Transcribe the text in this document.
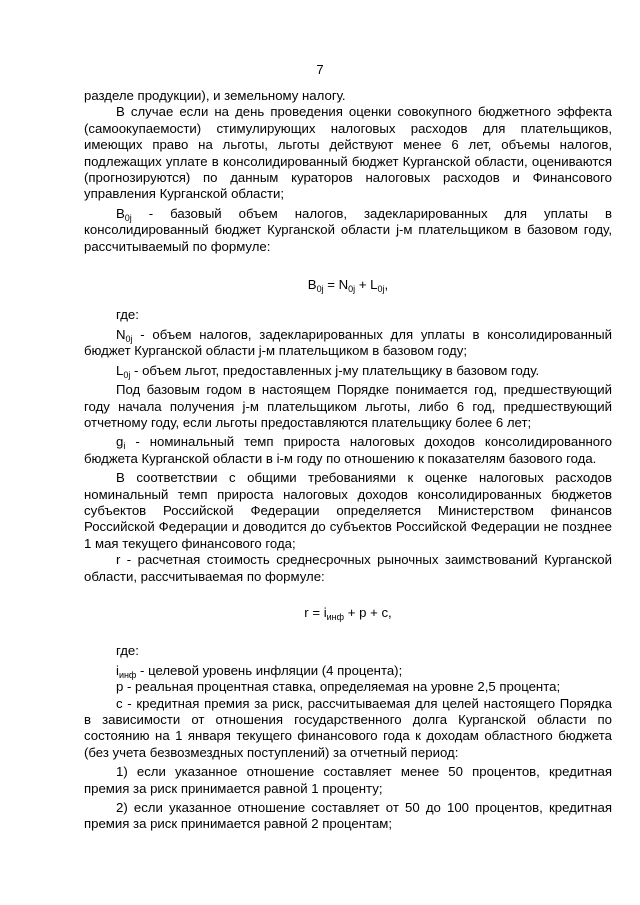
7

разделе продукции), и земельному налогу.

В случае если на день проведения оценки совокупного бюджетного эффекта (самоокупаемости) стимулирующих налоговых расходов для плательщиков, имеющих право на льготы, льготы действуют менее 6 лет, объемы налогов, подлежащих уплате в консолидированный бюджет Курганской области, оцениваются (прогнозируются) по данным кураторов налоговых расходов и Финансового управления Курганской области;

$B_{0j}$ - базовый объем налогов, задекларированных для уплаты в консолидированный бюджет Курганской области j-м плательщиком в базовом году, рассчитываемый по формуле:

$B_{0j} = N_{0j} + L_{0j}$,

где:

$N_{0j}$ - объем налогов, задекларированных для уплаты в консолидированный бюджет Курганской области j-м плательщиком в базовом году;

$L_{0j}$ - объем льгот, предоставленных j-му плательщику в базовом году.

Под базовым годом в настоящем Порядке понимается год, предшествующий году начала получения j-м плательщиком льготы, либо 6 год, предшествующий отчетному году, если льготы предоставляются плательщику более 6 лет;

$g_i$ - номинальный темп прироста налоговых доходов консолидированного бюджета Курганской области в i-м году по отношению к показателям базового года.

В соответствии с общими требованиями к оценке налоговых расходов номинальный темп прироста налоговых доходов консолидированных бюджетов субъектов Российской Федерации определяется Министерством финансов Российской Федерации и доводится до субъектов Российской Федерации не позднее 1 мая текущего финансового года;

r - расчетная стоимость среднесрочных рыночных заимствований Курганской области, рассчитываемая по формуле:

$r = i_{инф} + p + c$,

где:

$i_{инф}$ - целевой уровень инфляции (4 процента);

p - реальная процентная ставка, определяемая на уровне 2,5 процента;

c - кредитная премия за риск, рассчитываемая для целей настоящего Порядка в зависимости от отношения государственного долга Курганской области по состоянию на 1 января текущего финансового года к доходам областного бюджета (без учета безвозмездных поступлений) за отчетный период:

1) если указанное отношение составляет менее 50 процентов, кредитная премия за риск принимается равной 1 проценту;

2) если указанное отношение составляет от 50 до 100 процентов, кредитная премия за риск принимается равной 2 процентам;
